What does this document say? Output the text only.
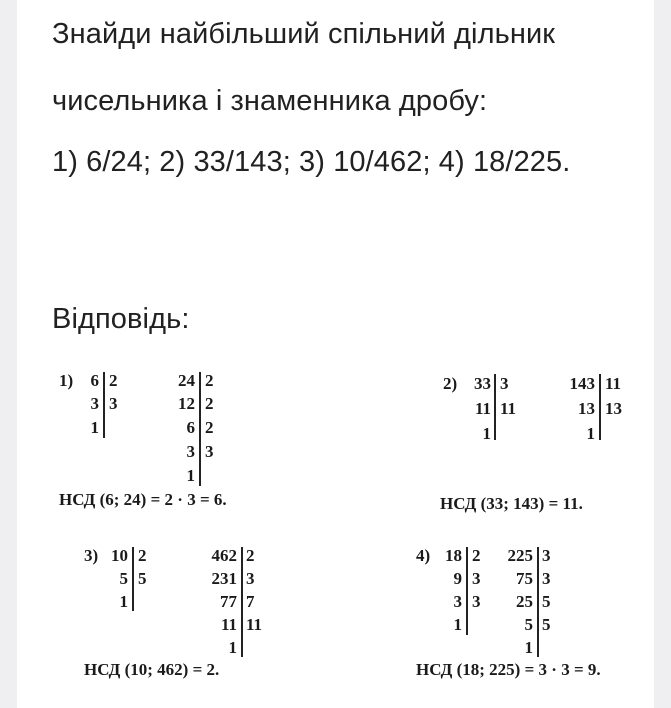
Знайди найбільший спільний дільник
чисельника і знаменника дробу:
1) 6/24; 2) 33/143; 3) 10/462; 4) 18/225.
Відповідь:
1)	6
3
1
2
3
24
12
6
3
1
2
2
2
3
НСД (6; 24) = 2 · 3 = 6.
2) 33
11
1
3
11
143
13
1
11
13
НСД (33; 143) = 11.
3) 10
5
1
2
5
462
231
77
11
1
2
3
7
11
НСД (10; 462) = 2.
4) 18
9
3
1
2
3
3
225
75
25
5
1
3
3
5
5
НСД (18; 225) = 3 · 3 = 9.
